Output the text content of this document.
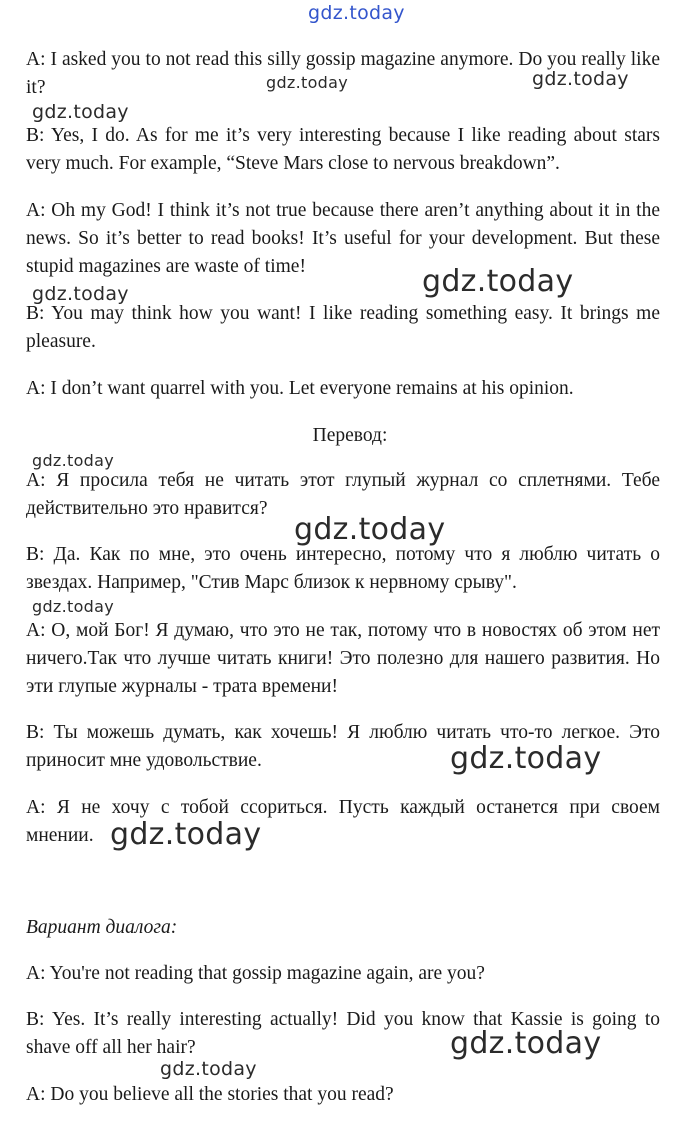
A: I asked you to not read this silly gossip magazine anymore. Do you really like it?

B: Yes, I do. As for me it’s very interesting because I like reading about stars very much. For example, “Steve Mars close to nervous breakdown”.

A: Oh my God! I think it’s not true because there aren’t anything about it in the news. So it’s better to read books! It’s useful for your development. But these stupid magazines are waste of time!

B: You may think how you want! I like reading something easy. It brings me pleasure.

A: I don’t want quarrel with you. Let everyone remains at his opinion.

Перевод:

А: Я просила тебя не читать этот глупый журнал со сплетнями. Тебе действительно это нравится?

В: Да. Как по мне, это очень интересно, потому что я люблю читать о звездах. Например, "Стив Марс близок к нервному срыву".

А: О, мой Бог! Я думаю, что это не так, потому что в новостях об этом нет ничего.Так что лучше читать книги! Это полезно для нашего развития. Но эти глупые журналы - трата времени!

В: Ты можешь думать, как хочешь! Я люблю читать что-то легкое. Это приносит мне удовольствие.

А: Я не хочу с тобой ссориться. Пусть каждый останется при своем мнении.

Вариант диалога:

A: You're not reading that gossip magazine again, are you?

B: Yes. It’s really interesting actually! Did you know that Kassie is going to shave off all her hair?

A: Do you believe all the stories that you read?

gdz.today
gdz.today	gdz.today
gdz.today
gdz.today	gdz.today
gdz.today
gdz.today
gdz.today
gdz.today
gdz.today
gdz.today
gdz.today
